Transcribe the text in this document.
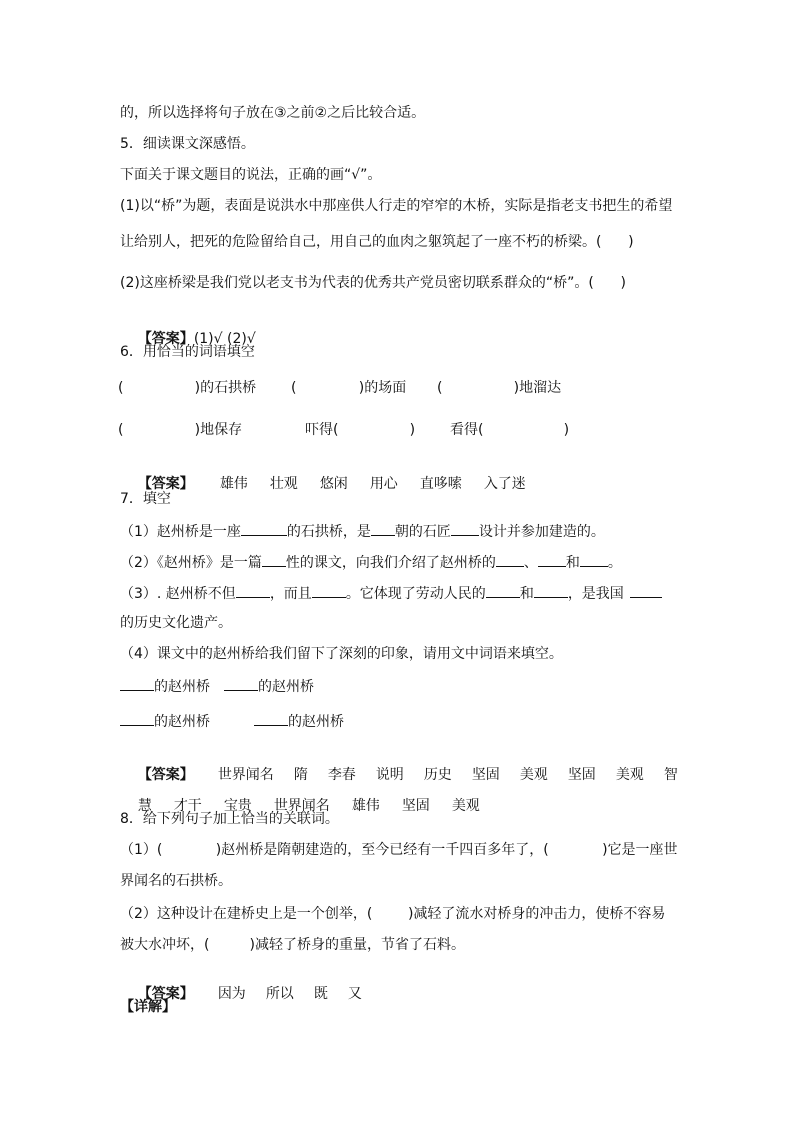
的，所以选择将句子放在③之前②之后比较合适。
5．细读课文深感悟。
下面关于课文题目的说法，正确的画“√”。
(1)以“桥”为题，表面是说洪水中那座供人行走的窄窄的木桥，实际是指老支书把生的希望
让给别人，把死的危险留给自己，用自己的血肉之躯筑起了一座不朽的桥梁。(      )
(2)这座桥梁是我们党以老支书为代表的优秀共产党员密切联系群众的“桥”。(      )

【答案】(1)√ (2)√

6．用恰当的词语填空
(                )的石拱桥 (              )的场面 (                )地溜达
(                )地保存	吓得(                ) 看得(                  )

【答案】 雄伟 壮观 悠闲 用心 直哆嗦 入了迷

7．填空
（1）赵州桥是一座	的石拱桥，是 朝的石匠 设计并参加建造的。
（2）《赵州桥》是一篇 性的课文，向我们介绍了赵州桥的 、 和 。
（3）. 赵州桥不但 ，而且 。它体现了劳动人民的 和 ，是我国
的历史文化遗产。
（4）课文中的赵州桥给我们留下了深刻的印象，请用文中词语来填空。
的赵州桥	的赵州桥
的赵州桥	的赵州桥

【答案】 世界闻名 隋 李春 说明 历史 坚固 美观 坚固 美观 智

慧 才干 宝贵 世界闻名 雄伟 坚固 美观

8．给下列句子加上恰当的关联词。
（1）(            )赵州桥是隋朝建造的，至今已经有一千四百多年了，(            )它是一座世
界闻名的石拱桥。
（2）这种设计在建桥史上是一个创举，(        )减轻了流水对桥身的冲击力，使桥不容易
被大水冲坏，(         )减轻了桥身的重量，节省了石料。

【答案】 因为 所以 既 又

【详解】
